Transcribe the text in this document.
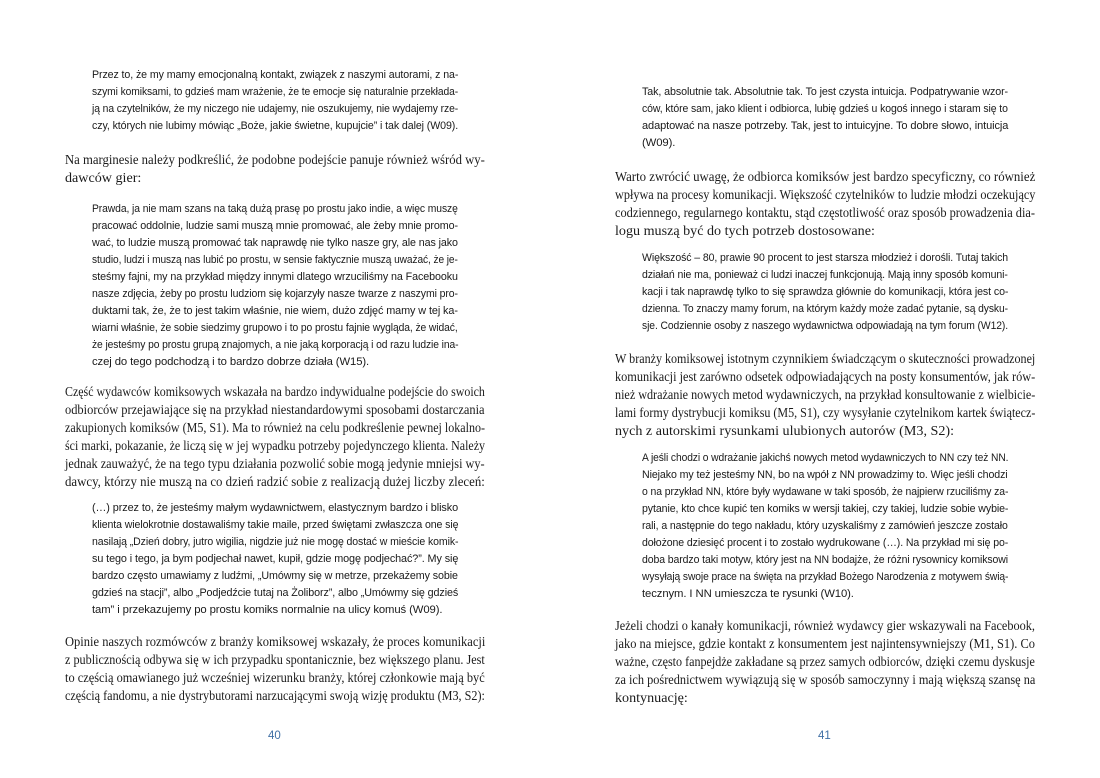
Przez to, że my mamy emocjonalną kontakt, związek z naszymi autorami, z na-
szymi komiksami, to gdzieś mam wrażenie, że te emocje się naturalnie przekłada-
ją na czytelników, że my niczego nie udajemy, nie oszukujemy, nie wydajemy rze-
czy, których nie lubimy mówiąc „Boże, jakie świetne, kupujcie” i tak dalej (W09).
Na marginesie należy podkreślić, że podobne podejście panuje również wśród wy-
dawców gier:
Prawda, ja nie mam szans na taką dużą prasę po prostu jako indie, a więc muszę
pracować oddolnie, ludzie sami muszą mnie promować, ale żeby mnie promo-
wać, to ludzie muszą promować tak naprawdę nie tylko nasze gry, ale nas jako
studio, ludzi i muszą nas lubić po prostu, w sensie faktycznie muszą uważać, że je-
steśmy fajni, my na przykład między innymi dlatego wrzuciliśmy na Facebooku
nasze zdjęcia, żeby po prostu ludziom się kojarzyły nasze twarze z naszymi pro-
duktami tak, że, że to jest takim właśnie, nie wiem, dużo zdjęć mamy w tej ka-
wiarni właśnie, że sobie siedzimy grupowo i to po prostu fajnie wygląda, że widać,
że jesteśmy po prostu grupą znajomych, a nie jaką korporacją i od razu ludzie ina-
czej do tego podchodzą i to bardzo dobrze działa (W15).
Część wydawców komiksowych wskazała na bardzo indywidualne podejście do swoich
odbiorców przejawiające się na przykład niestandardowymi sposobami dostarczania
zakupionych komiksów (M5, S1). Ma to również na celu podkreślenie pewnej lokalno-
ści marki, pokazanie, że liczą się w jej wypadku potrzeby pojedynczego klienta. Należy
jednak zauważyć, że na tego typu działania pozwolić sobie mogą jedynie mniejsi wy-
dawcy, którzy nie muszą na co dzień radzić sobie z realizacją dużej liczby zleceń:
(…) przez to, że jesteśmy małym wydawnictwem, elastycznym bardzo i blisko
klienta wielokrotnie dostawaliśmy takie maile, przed świętami zwłaszcza one się
nasilają „Dzień dobry, jutro wigilia, nigdzie już nie mogę dostać w mieście komik-
su tego i tego, ja bym podjechał nawet, kupił, gdzie mogę podjechać?”. My się
bardzo często umawiamy z ludźmi, „Umówmy się w metrze, przekażemy sobie
gdzieś na stacji”, albo „Podjedźcie tutaj na Żoliborz”, albo „Umówmy się gdzieś
tam” i przekazujemy po prostu komiks normalnie na ulicy komuś (W09).
Opinie naszych rozmówców z branży komiksowej wskazały, że proces komunikacji
z publicznością odbywa się w ich przypadku spontanicznie, bez większego planu. Jest
to częścią omawianego już wcześniej wizerunku branży, której członkowie mają być
częścią fandomu, a nie dystrybutorami narzucającymi swoją wizję produktu (M3, S2):
40
Tak, absolutnie tak. Absolutnie tak. To jest czysta intuicja. Podpatrywanie wzor-
ców, które sam, jako klient i odbiorca, lubię gdzieś u kogoś innego i staram się to
adaptować na nasze potrzeby. Tak, jest to intuicyjne. To dobre słowo, intuicja
(W09).
Warto zwrócić uwagę, że odbiorca komiksów jest bardzo specyficzny, co również
wpływa na procesy komunikacji. Większość czytelników to ludzie młodzi oczekujący
codziennego, regularnego kontaktu, stąd częstotliwość oraz sposób prowadzenia dia-
logu muszą być do tych potrzeb dostosowane:
Większość – 80, prawie 90 procent to jest starsza młodzież i dorośli. Tutaj takich
działań nie ma, ponieważ ci ludzi inaczej funkcjonują. Mają inny sposób komuni-
kacji i tak naprawdę tylko to się sprawdza głównie do komunikacji, która jest co-
dzienna. To znaczy mamy forum, na którym każdy może zadać pytanie, są dysku-
sje. Codziennie osoby z naszego wydawnictwa odpowiadają na tym forum (W12).
W branży komiksowej istotnym czynnikiem świadczącym o skuteczności prowadzonej
komunikacji jest zarówno odsetek odpowiadających na posty konsumentów, jak rów-
nież wdrażanie nowych metod wydawniczych, na przykład konsultowanie z wielbicie-
lami formy dystrybucji komiksu (M5, S1), czy wysyłanie czytelnikom kartek świątecz-
nych z autorskimi rysunkami ulubionych autorów (M3, S2):
A jeśli chodzi o wdrażanie jakichś nowych metod wydawniczych to NN czy też NN.
Niejako my też jesteśmy NN, bo na wpół z NN prowadzimy to. Więc jeśli chodzi
o na przykład NN, które były wydawane w taki sposób, że najpierw rzuciliśmy za-
pytanie, kto chce kupić ten komiks w wersji takiej, czy takiej, ludzie sobie wybie-
rali, a następnie do tego nakładu, który uzyskaliśmy z zamówień jeszcze zostało
dołożone dziesięć procent i to zostało wydrukowane (…). Na przykład mi się po-
doba bardzo taki motyw, który jest na NN bodajże, że różni rysownicy komiksowi
wysyłają swoje prace na święta na przykład Bożego Narodzenia z motywem świą-
tecznym. I NN umieszcza te rysunki (W10).
Jeżeli chodzi o kanały komunikacji, również wydawcy gier wskazywali na Facebook,
jako na miejsce, gdzie kontakt z konsumentem jest najintensywniejszy (M1, S1). Co
ważne, często fanpejdże zakładane są przez samych odbiorców, dzięki czemu dyskusje
za ich pośrednictwem wywiązują się w sposób samoczynny i mają większą szansę na
kontynuację:
41
